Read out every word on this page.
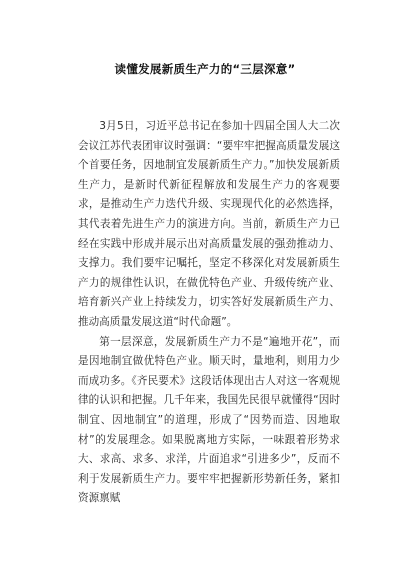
读懂发展新质生产力的“三层深意”

3月5日，习近平总书记在参加十四届全国人大二次会议江苏代表团审议时强调：“要牢牢把握高质量发展这个首要任务，因地制宜发展新质生产力。”加快发展新质生产力，是新时代新征程解放和发展生产力的客观要求，是推动生产力迭代升级、实现现代化的必然选择，其代表着先进生产力的演进方向。当前，新质生产力已经在实践中形成并展示出对高质量发展的强劲推动力、支撑力。我们要牢记嘱托，坚定不移深化对发展新质生产力的规律性认识，在做优特色产业、升级传统产业、培育新兴产业上持续发力，切实答好发展新质生产力、推动高质量发展这道“时代命题”。

第一层深意，发展新质生产力不是“遍地开花”，而是因地制宜做优特色产业。顺天时，量地利，则用力少而成功多。《齐民要术》这段话体现出古人对这一客观规律的认识和把握。几千年来，我国先民很早就懂得“因时制宜、因地制宜”的道理，形成了“因势而造、因地取材”的发展理念。如果脱离地方实际，一味跟着形势求大、求高、求多、求洋，片面追求“引进多少”，反而不利于发展新质生产力。要牢牢把握新形势新任务，紧扣资源禀赋
